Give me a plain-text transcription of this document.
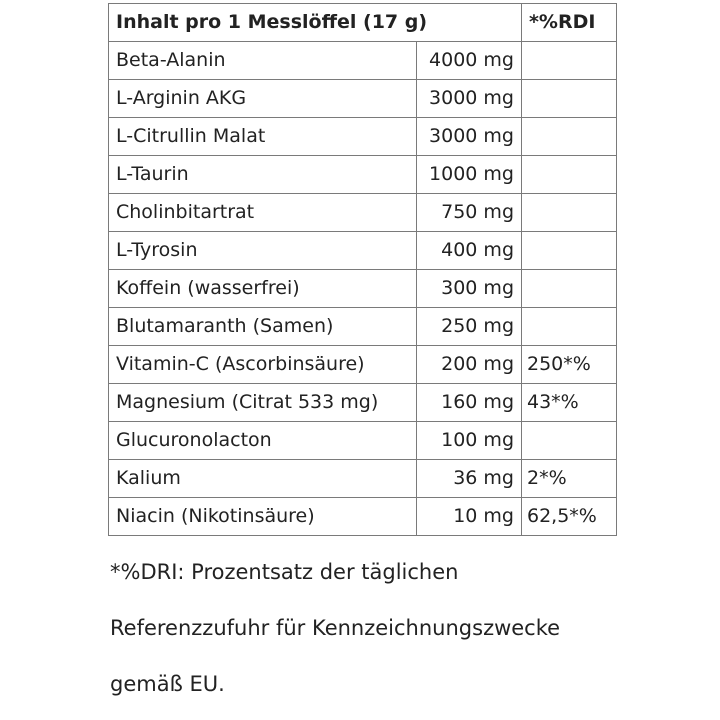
Inhalt pro 1 Messlöffel (17 g)		*%RDI
Beta-Alanin	4000 mg	
L-Arginin AKG	3000 mg	
L-Citrullin Malat	3000 mg	
L-Taurin	1000 mg	
Cholinbitartrat	750 mg	
L-Tyrosin	400 mg	
Koffein (wasserfrei)	300 mg	
Blutamaranth (Samen)	250 mg	
Vitamin-C (Ascorbinsäure)	200 mg	250*%
Magnesium (Citrat 533 mg)	160 mg	43*%
Glucuronolacton	100 mg	
Kalium	36 mg	2*%
Niacin (Nikotinsäure)	10 mg	62,5*%

*%DRI: Prozentsatz der täglichen

Referenzzufuhr für Kennzeichnungszwecke

gemäß EU.
